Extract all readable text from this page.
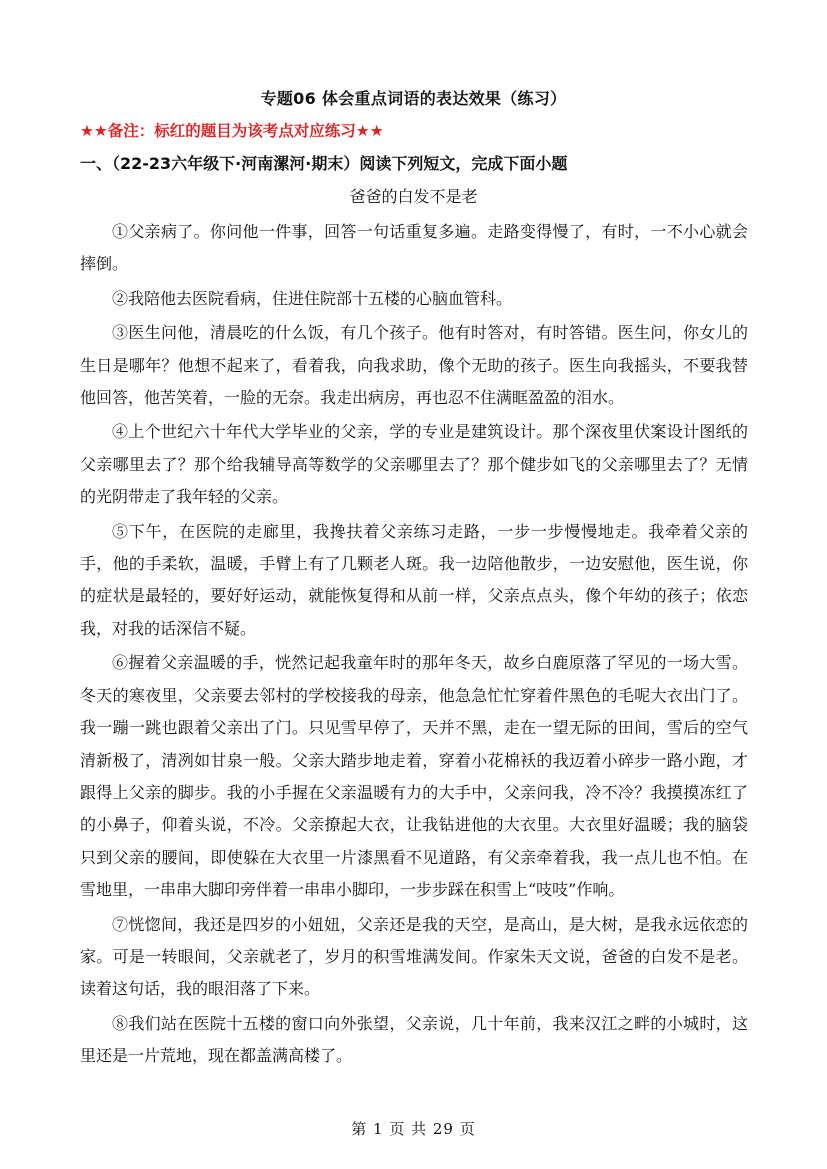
专题06 体会重点词语的表达效果（练习）
★★备注：标红的题目为该考点对应练习★★
一、（22-23六年级下·河南漯河·期末）阅读下列短文，完成下面小题
爸爸的白发不是老

①父亲病了。你问他一件事，回答一句话重复多遍。走路变得慢了，有时，一不小心就会摔倒。

②我陪他去医院看病，住进住院部十五楼的心脑血管科。

③医生问他，清晨吃的什么饭，有几个孩子。他有时答对，有时答错。医生问，你女儿的生日是哪年？他想不起来了，看着我，向我求助，像个无助的孩子。医生向我摇头，不要我替他回答，他苦笑着，一脸的无奈。我走出病房，再也忍不住满眶盈盈的泪水。

④上个世纪六十年代大学毕业的父亲，学的专业是建筑设计。那个深夜里伏案设计图纸的父亲哪里去了？那个给我辅导高等数学的父亲哪里去了？那个健步如飞的父亲哪里去了？无情的光阴带走了我年轻的父亲。

⑤下午，在医院的走廊里，我搀扶着父亲练习走路，一步一步慢慢地走。我牵着父亲的手，他的手柔软，温暖，手臂上有了几颗老人斑。我一边陪他散步，一边安慰他，医生说，你的症状是最轻的，要好好运动，就能恢复得和从前一样，父亲点点头，像个年幼的孩子；依恋我，对我的话深信不疑。

⑥握着父亲温暖的手，恍然记起我童年时的那年冬天，故乡白鹿原落了罕见的一场大雪。冬天的寒夜里，父亲要去邻村的学校接我的母亲，他急急忙忙穿着件黑色的毛呢大衣出门了。我一蹦一跳也跟着父亲出了门。只见雪早停了，天并不黑，走在一望无际的田间，雪后的空气清新极了，清冽如甘泉一般。父亲大踏步地走着，穿着小花棉袄的我迈着小碎步一路小跑，才跟得上父亲的脚步。我的小手握在父亲温暖有力的大手中，父亲问我，冷不冷？我摸摸冻红了的小鼻子，仰着头说，不冷。父亲撩起大衣，让我钻进他的大衣里。大衣里好温暖；我的脑袋只到父亲的腰间，即使躲在大衣里一片漆黑看不见道路，有父亲牵着我，我一点儿也不怕。在雪地里，一串串大脚印旁伴着一串串小脚印，一步步踩在积雪上“吱吱”作响。

⑦恍惚间，我还是四岁的小妞妞，父亲还是我的天空，是高山，是大树，是我永远依恋的家。可是一转眼间，父亲就老了，岁月的积雪堆满发间。作家朱天文说，爸爸的白发不是老。读着这句话，我的眼泪落了下来。

⑧我们站在医院十五楼的窗口向外张望，父亲说，几十年前，我来汉江之畔的小城时，这里还是一片荒地，现在都盖满高楼了。

第 1 页 共 29 页
